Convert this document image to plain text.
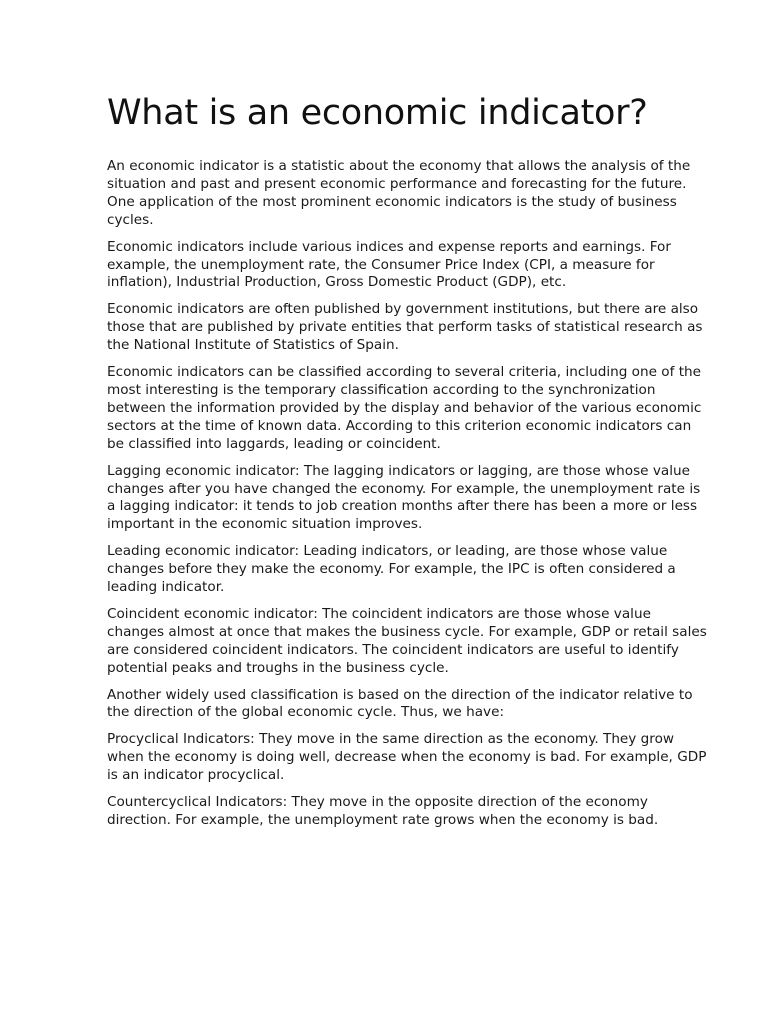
What is an economic indicator?

An economic indicator is a statistic about the economy that allows the analysis of the situation and past and present economic performance and forecasting for the future. One application of the most prominent economic indicators is the study of business cycles.

Economic indicators include various indices and expense reports and earnings. For example, the unemployment rate, the Consumer Price Index (CPI, a measure for inflation), Industrial Production, Gross Domestic Product (GDP), etc.

Economic indicators are often published by government institutions, but there are also those that are published by private entities that perform tasks of statistical research as the National Institute of Statistics of Spain.

Economic indicators can be classified according to several criteria, including one of the most interesting is the temporary classification according to the synchronization between the information provided by the display and behavior of the various economic sectors at the time of known data. According to this criterion economic indicators can be classified into laggards, leading or coincident.

Lagging economic indicator: The lagging indicators or lagging, are those whose value changes after you have changed the economy. For example, the unemployment rate is a lagging indicator: it tends to job creation months after there has been a more or less important in the economic situation improves.

Leading economic indicator: Leading indicators, or leading, are those whose value changes before they make the economy. For example, the IPC is often considered a leading indicator.

Coincident economic indicator: The coincident indicators are those whose value changes almost at once that makes the business cycle. For example, GDP or retail sales are considered coincident indicators. The coincident indicators are useful to identify potential peaks and troughs in the business cycle.

Another widely used classification is based on the direction of the indicator relative to the direction of the global economic cycle. Thus, we have:

Procyclical Indicators: They move in the same direction as the economy. They grow when the economy is doing well, decrease when the economy is bad. For example, GDP is an indicator procyclical.

Countercyclical Indicators: They move in the opposite direction of the economy direction. For example, the unemployment rate grows when the economy is bad.
